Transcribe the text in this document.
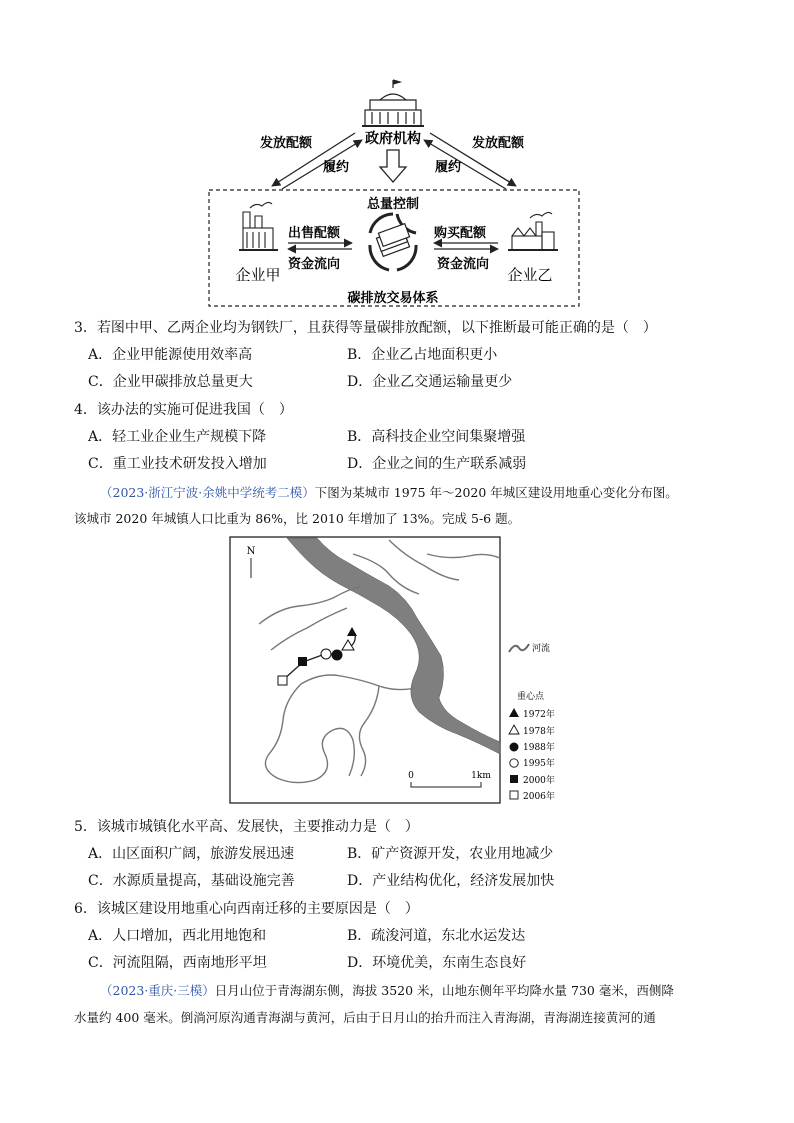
政府机构
发放配额
履约
发放配额
履约
总量控制
出售配额
资金流向
购买配额
资金流向
企业甲	企业乙
碳排放交易体系
3．若图中甲、乙两企业均为钢铁厂，且获得等量碳排放配额，以下推断最可能正确的是（　）
A．企业甲能源使用效率高	B．企业乙占地面积更小
C．企业甲碳排放总量更大	D．企业乙交通运输量更少
4．该办法的实施可促进我国（　）
A．轻工业企业生产规模下降	B．高科技企业空间集聚增强
C．重工业技术研发投入增加	D．企业之间的生产联系减弱
（2023·浙江宁波·余姚中学统考二模）下图为某城市 1975 年～2020 年城区建设用地重心变化分布图。
该城市 2020 年城镇人口比重为 86%，比 2010 年增加了 13%。完成 5-6 题。
N
0	1km
河流
重心点
1972年
1978年
1988年
1995年
2000年
2006年
5．该城市城镇化水平高、发展快，主要推动力是（　）
A．山区面积广阔，旅游发展迅速	B．矿产资源开发，农业用地减少
C．水源质量提高，基础设施完善	D．产业结构优化，经济发展加快
6．该城区建设用地重心向西南迁移的主要原因是（　）
A．人口增加，西北用地饱和	B．疏浚河道，东北水运发达
C．河流阻隔，西南地形平坦	D．环境优美，东南生态良好
（2023·重庆·三模）日月山位于青海湖东侧，海拔 3520 米，山地东侧年平均降水量 730 毫米，西侧降
水量约 400 毫米。倒淌河原沟通青海湖与黄河，后由于日月山的抬升而注入青海湖，青海湖连接黄河的通
